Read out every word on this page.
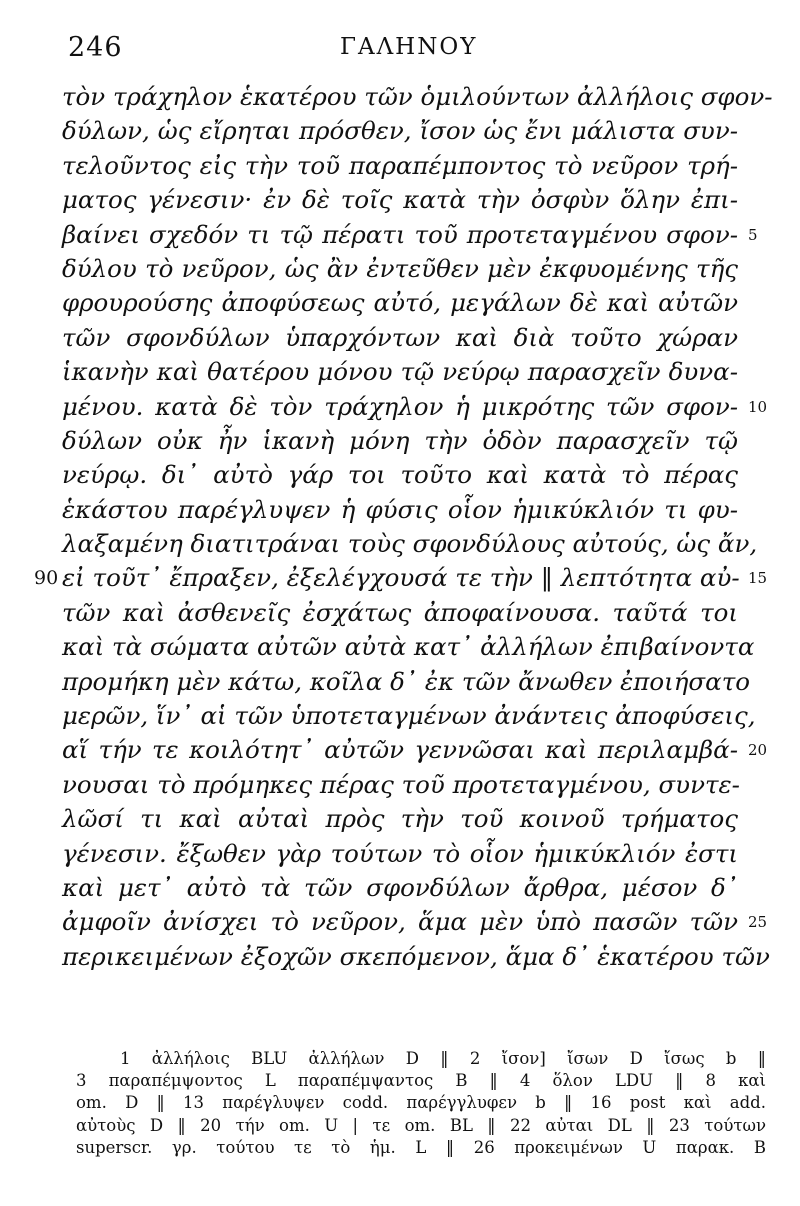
246	ΓΑΛΗΝΟΥ
τὸν τράχηλον ἑκατέρου τῶν ὁμιλούντων ἀλλήλοις σφον-
δύλων, ὡς εἴρηται πρόσθεν, ἴσον ὡς ἔνι μάλιστα συν-
τελοῦντος εἰς τὴν τοῦ παραπέμποντος τὸ νεῦρον τρή-
ματος γένεσιν· ἐν δὲ τοῖς κατὰ τὴν ὀσφὺν ὅλην ἐπι-
βαίνει σχεδόν τι τῷ πέρατι τοῦ προτεταγμένου σφον- 5
δύλου τὸ νεῦρον, ὡς ἂν ἐντεῦθεν μὲν ἐκφυομένης τῆς
φρουρούσης ἀποφύσεως αὐτό, μεγάλων δὲ καὶ αὐτῶν
τῶν σφονδύλων ὑπαρχόντων καὶ διὰ τοῦτο χώραν
ἱκανὴν καὶ θατέρου μόνου τῷ νεύρῳ παρασχεῖν δυνα-
μένου. κατὰ δὲ τὸν τράχηλον ἡ μικρότης τῶν σφον- 10
δύλων οὐκ ἦν ἱκανὴ μόνη τὴν ὁδὸν παρασχεῖν τῷ
νεύρῳ. δι᾽ αὐτὸ γάρ τοι τοῦτο καὶ κατὰ τὸ πέρας
ἑκάστου παρέγλυψεν ἡ φύσις οἷον ἡμικύκλιόν τι φυ-
λαξαμένη διατιτράναι τοὺς σφονδύλους αὐτούς, ὡς ἄν,
90 εἰ τοῦτ᾽ ἔπραξεν, ἐξελέγχουσά τε τὴν ‖ λεπτότητα αὐ- 15
τῶν καὶ ἀσθενεῖς ἐσχάτως ἀποφαίνουσα. ταῦτά τοι
καὶ τὰ σώματα αὐτῶν αὐτὰ κατ᾽ ἀλλήλων ἐπιβαίνοντα
προμήκη μὲν κάτω, κοῖλα δ᾽ ἐκ τῶν ἄνωθεν ἐποιήσατο
μερῶν, ἵν᾽ αἱ τῶν ὑποτεταγμένων ἀνάντεις ἀποφύσεις,
αἵ τήν τε κοιλότητ᾽ αὐτῶν γεννῶσαι καὶ περιλαμβά- 20
νουσαι τὸ πρόμηκες πέρας τοῦ προτεταγμένου, συντε-
λῶσί τι καὶ αὐταὶ πρὸς τὴν τοῦ κοινοῦ τρήματος
γένεσιν. ἔξωθεν γὰρ τούτων τὸ οἷον ἡμικύκλιόν ἐστι
καὶ μετ᾽ αὐτὸ τὰ τῶν σφονδύλων ἄρθρα, μέσον δ᾽
ἀμφοῖν ἀνίσχει τὸ νεῦρον, ἅμα μὲν ὑπὸ πασῶν τῶν 25
περικειμένων ἐξοχῶν σκεπόμενον, ἅμα δ᾽ ἑκατέρου τῶν
1 ἀλλήλοις BLU ἀλλήλων D ‖ 2 ἴσον] ἴσων D ἴσως b ‖
3 παραπέμψοντος L παραπέμψαντος B ‖ 4 ὅλον LDU ‖ 8 καὶ
om. D ‖ 13 παρέγλυψεν codd. παρέγγλυφεν b ‖ 16 post καὶ add.
αὐτοὺς D ‖ 20 τήν om. U | τε om. BL ‖ 22 αὐται DL ‖ 23 τούτων
superscr. γρ. τούτου τε τὸ ἡμ. L ‖ 26 προκειμένων U παρακ. B
